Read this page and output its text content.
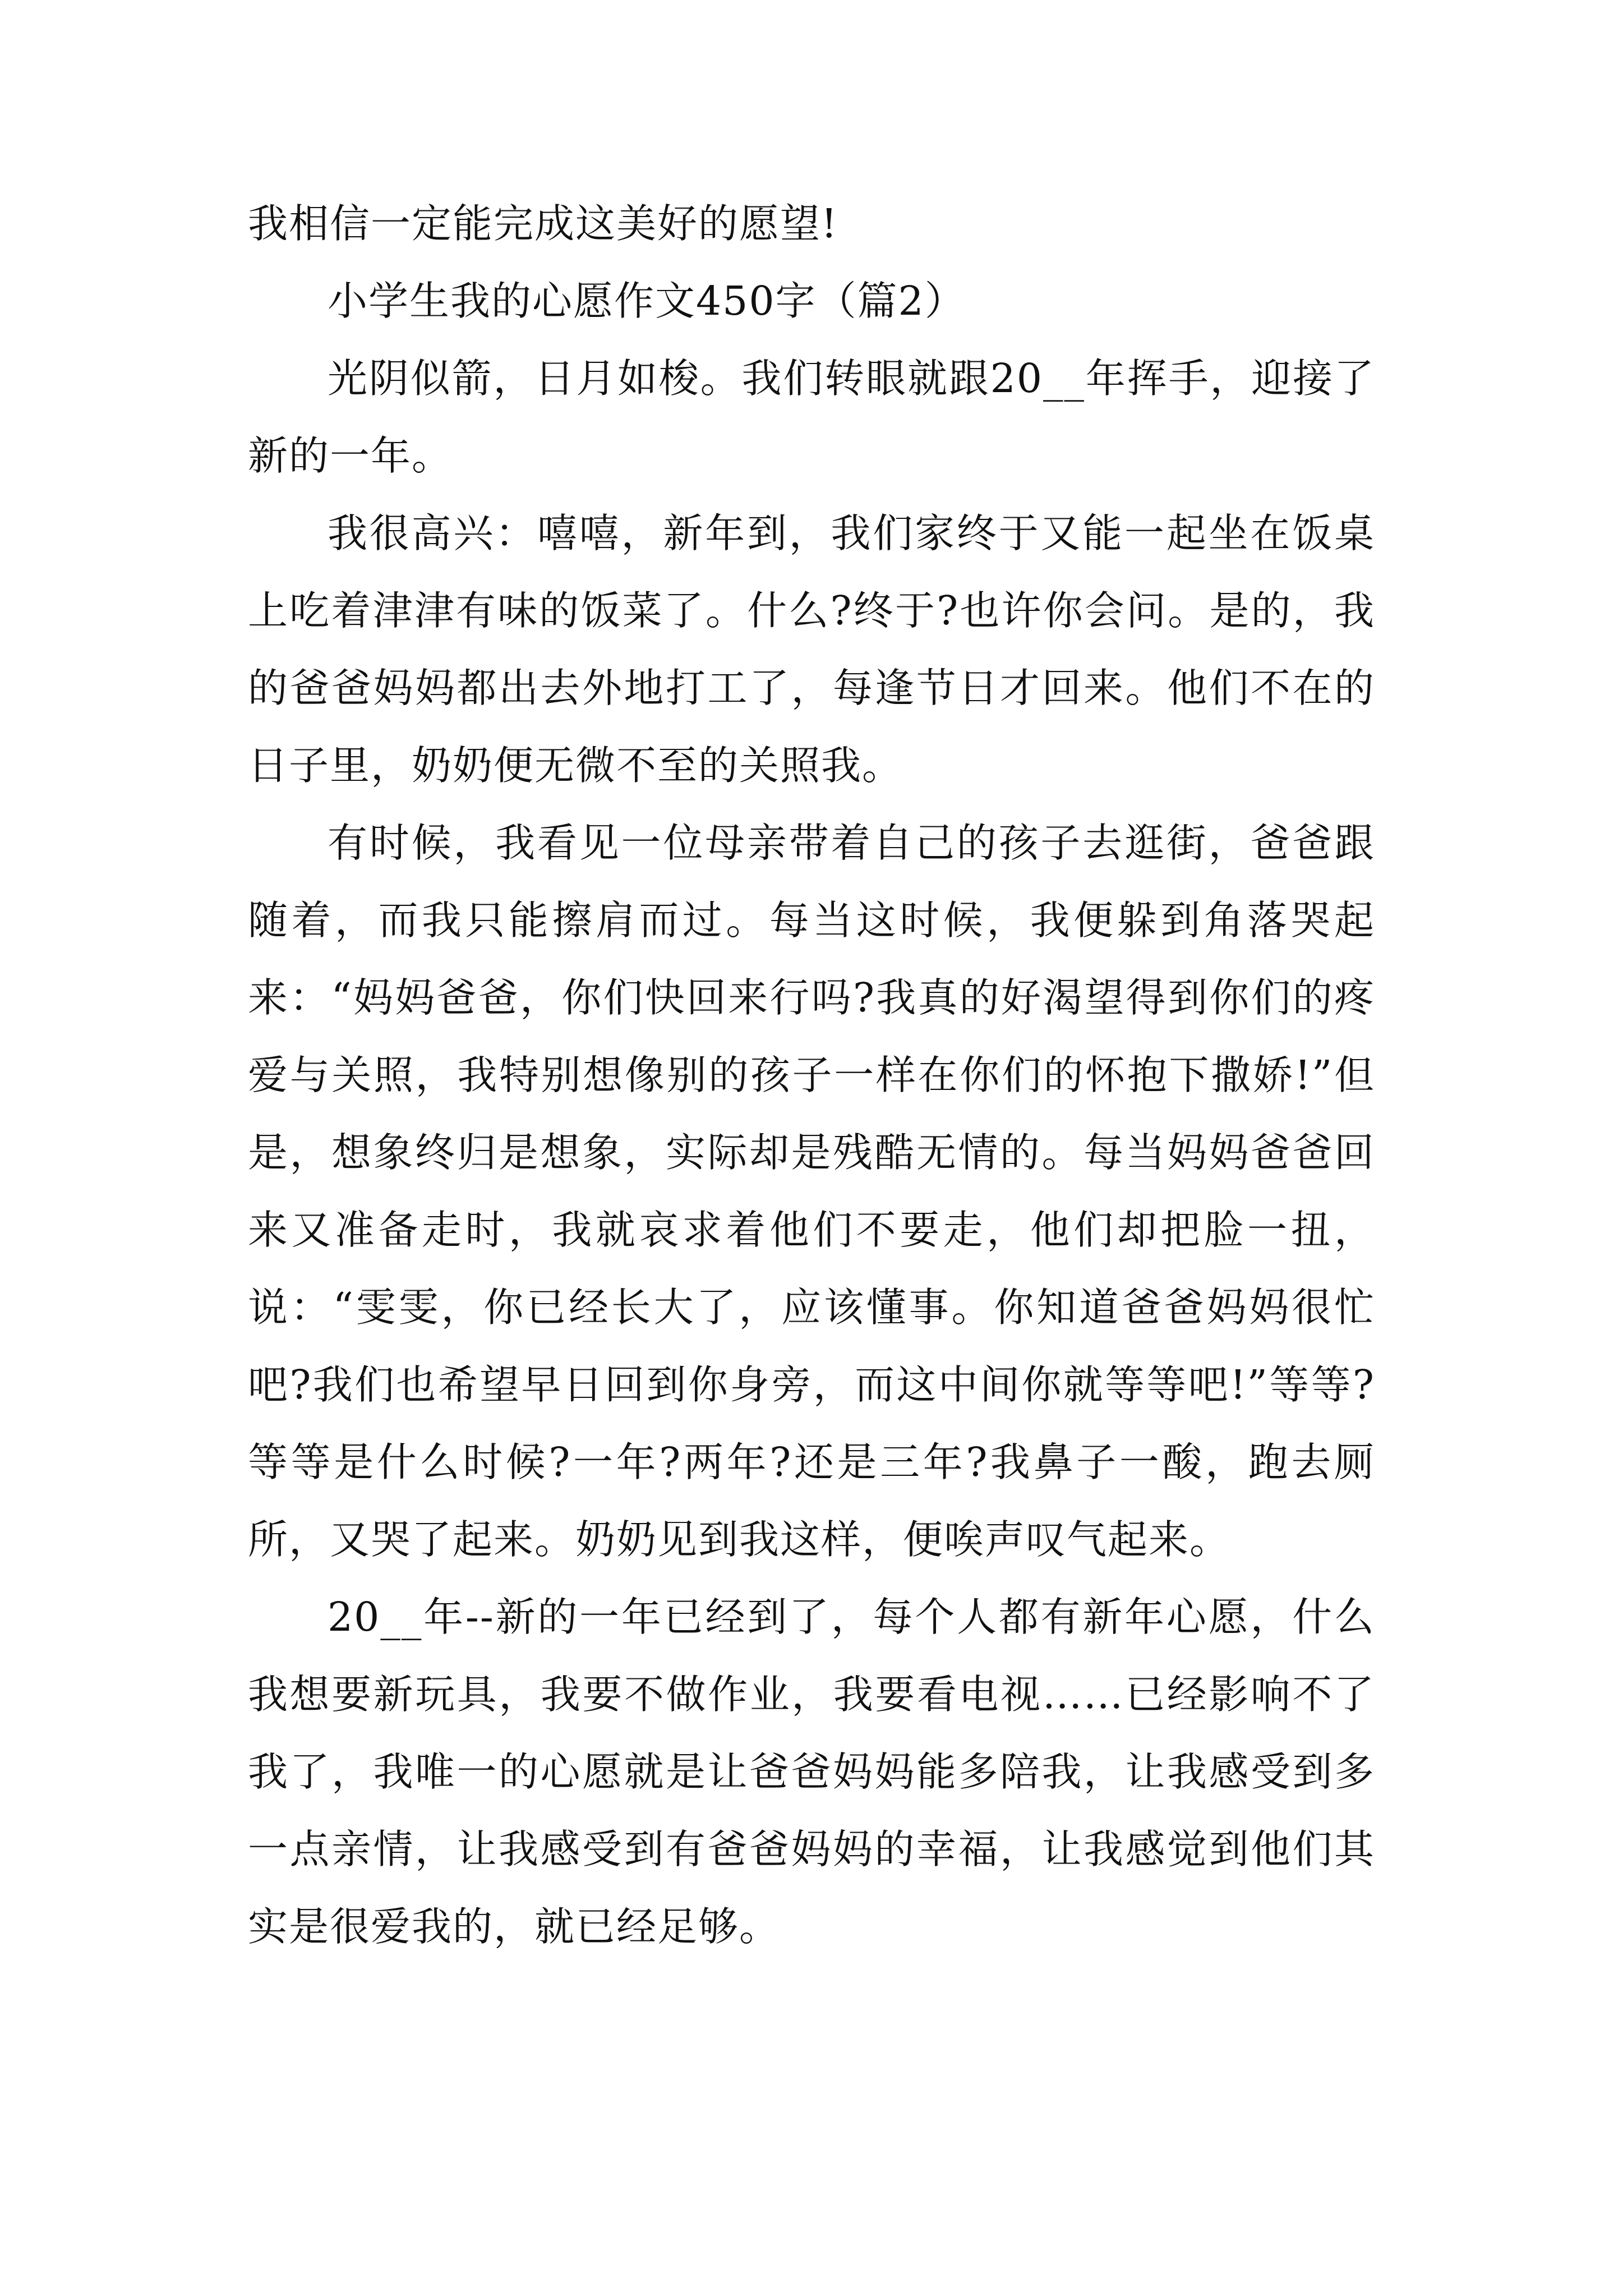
我相信一定能完成这美好的愿望!

小学生我的心愿作文450字（篇2）

光阴似箭，日月如梭。我们转眼就跟20__年挥手，迎接了新的一年。

我很高兴：嘻嘻，新年到，我们家终于又能一起坐在饭桌上吃着津津有味的饭菜了。什么?终于?也许你会问。是的，我的爸爸妈妈都出去外地打工了，每逢节日才回来。他们不在的日子里，奶奶便无微不至的关照我。

有时候，我看见一位母亲带着自己的孩子去逛街，爸爸跟随着，而我只能擦肩而过。每当这时候，我便躲到角落哭起来：“妈妈爸爸，你们快回来行吗?我真的好渴望得到你们的疼爱与关照，我特别想像别的孩子一样在你们的怀抱下撒娇!”但是，想象终归是想象，实际却是残酷无情的。每当妈妈爸爸回来又准备走时，我就哀求着他们不要走，他们却把脸一扭，说：“雯雯，你已经长大了，应该懂事。你知道爸爸妈妈很忙吧?我们也希望早日回到你身旁，而这中间你就等等吧!”等等?等等是什么时候?一年?两年?还是三年?我鼻子一酸，跑去厕所，又哭了起来。奶奶见到我这样，便唉声叹气起来。

20__年--新的一年已经到了，每个人都有新年心愿，什么我想要新玩具，我要不做作业，我要看电视……已经影响不了我了，我唯一的心愿就是让爸爸妈妈能多陪我，让我感受到多一点亲情，让我感受到有爸爸妈妈的幸福，让我感觉到他们其实是很爱我的，就已经足够。
